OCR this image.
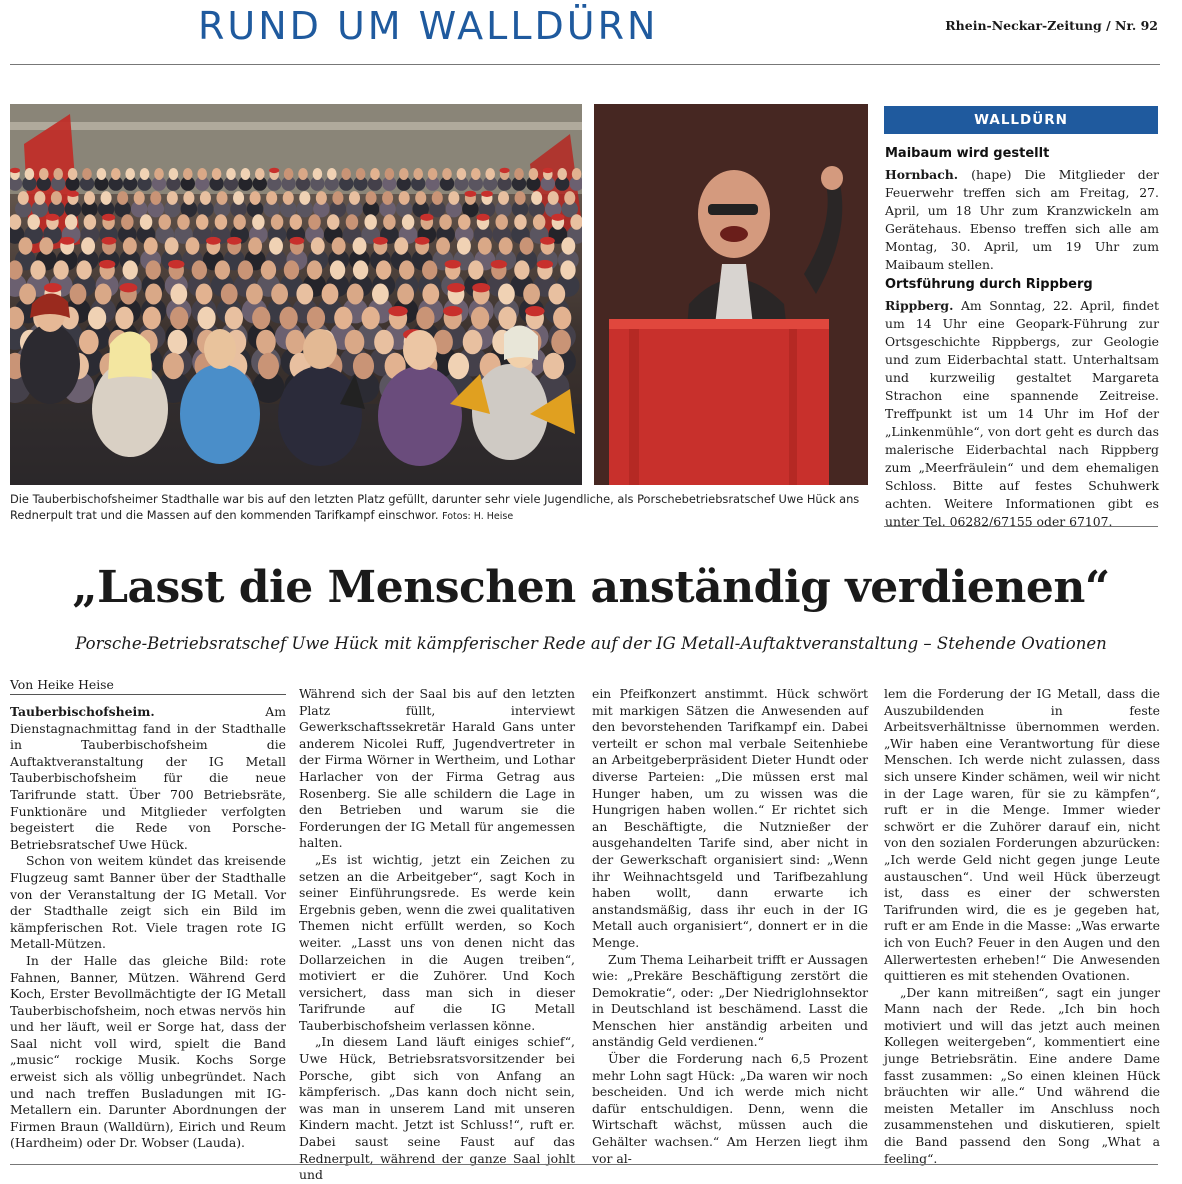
RUND UM WALLDÜRN	Rhein-Neckar-Zeitung / Nr. 92
Die Tauberbischofsheimer Stadthalle war bis auf den letzten Platz gefüllt, darunter sehr viele Jugendliche, als Porschebetriebsratschef Uwe Hück ans Rednerpult trat und die Massen auf den kommenden Tarifkampf einschwor. Fotos: H. Heise
WALLDÜRN
Maibaum wird gestellt

Hornbach. (hape) Die Mitglieder der Feuerwehr treffen sich am Freitag, 27. April, um 18 Uhr zum Kranzwickeln am Gerätehaus. Ebenso treffen sich alle am Montag, 30. April, um 19 Uhr zum Maibaum stellen.

Ortsführung durch Rippberg

Rippberg. Am Sonntag, 22. April, findet um 14 Uhr eine Geopark-Führung zur Ortsgeschichte Rippbergs, zur Geologie und zum Eiderbachtal statt. Unterhaltsam und kurzweilig gestaltet Margareta Strachon eine spannende Zeitreise. Treffpunkt ist um 14 Uhr im Hof der „Linkenmühle“, von dort geht es durch das malerische Eiderbachtal nach Rippberg zum „Meerfräulein“ und dem ehemaligen Schloss. Bitte auf festes Schuhwerk achten. Weitere Informationen gibt es unter Tel. 06282/67155 oder 67107.

„Lasst die Menschen anständig verdienen“
Porsche-Betriebsratschef Uwe Hück mit kämpferischer Rede auf der IG Metall-Auftaktveranstaltung – Stehende Ovationen
Von Heike Heise

Tauberbischofsheim.	Am Dienstagnachmittag fand in der Stadthalle in Tauberbischofsheim die Auftaktveranstaltung der IG Metall Tauberbischofsheim für die neue Tarifrunde statt. Über 700 Betriebsräte, Funktionäre und Mitglieder verfolgten begeistert die Rede von Porsche-Betriebsratschef Uwe Hück.

Schon von weitem kündet das kreisende Flugzeug samt Banner über der Stadthalle von der Veranstaltung der IG Metall. Vor der Stadthalle zeigt sich ein Bild im kämpferischen Rot. Viele tragen rote IG Metall-Mützen.

In der Halle das gleiche Bild: rote Fahnen, Banner, Mützen. Während Gerd Koch, Erster Bevollmächtigte der IG Metall Tauberbischofsheim, noch etwas nervös hin und her läuft, weil er Sorge hat, dass der Saal nicht voll wird, spielt die Band „music“ rockige Musik. Kochs Sorge erweist sich als völlig unbegründet. Nach und nach treffen Busladungen mit IG-Metallern ein. Darunter Abordnungen der Firmen Braun (Walldürn), Eirich und Reum (Hardheim) oder Dr. Wobser (Lauda).

Während sich der Saal bis auf den letzten Platz füllt, interviewt Gewerkschaftssekretär Harald Gans unter anderem Nicolei Ruff, Jugendvertreter in der Firma Wörner in Wertheim, und Lothar Harlacher von der Firma Getrag aus Rosenberg. Sie alle schildern die Lage in den Betrieben und warum sie die Forderungen der IG Metall für angemessen halten.

„Es ist wichtig, jetzt ein Zeichen zu setzen an die Arbeitgeber“, sagt Koch in seiner Einführungsrede. Es werde kein Ergebnis geben, wenn die zwei qualitativen Themen nicht erfüllt werden, so Koch weiter. „Lasst uns von denen nicht das Dollarzeichen in die Augen treiben“, motiviert er die Zuhörer. Und Koch versichert, dass man sich in dieser Tarifrunde auf die IG Metall Tauberbischofsheim verlassen könne.

„In diesem Land läuft einiges schief“, Uwe Hück, Betriebsratsvorsitzender bei Porsche, gibt sich von Anfang an kämpferisch. „Das kann doch nicht sein, was man in unserem Land mit unseren Kindern macht. Jetzt ist Schluss!“, ruft er. Dabei saust seine Faust auf das Rednerpult, während der ganze Saal johlt und

ein Pfeifkonzert anstimmt. Hück schwört mit markigen Sätzen die Anwesenden auf den bevorstehenden Tarifkampf ein. Dabei verteilt er schon mal verbale Seitenhiebe an Arbeitgeberpräsident Dieter Hundt oder diverse Parteien: „Die müssen erst mal Hunger haben, um zu wissen was die Hungrigen haben wollen.“ Er richtet sich an Beschäftigte, die Nutznießer der ausgehandelten Tarife sind, aber nicht in der Gewerkschaft organisiert sind: „Wenn ihr Weihnachtsgeld und Tarifbezahlung haben wollt, dann erwarte ich anstandsmäßig, dass ihr euch in der IG Metall auch organisiert“, donnert er in die Menge.

Zum Thema Leiharbeit trifft er Aussagen wie: „Prekäre Beschäftigung zerstört die Demokratie“, oder: „Der Niedriglohnsektor in Deutschland ist beschämend. Lasst die Menschen hier anständig arbeiten und anständig Geld verdienen.“

Über die Forderung nach 6,5 Prozent mehr Lohn sagt Hück: „Da waren wir noch bescheiden. Und ich werde mich nicht dafür entschuldigen. Denn, wenn die Wirtschaft wächst, müssen auch die Gehälter wachsen.“ Am Herzen liegt ihm vor al-

lem die Forderung der IG Metall, dass die Auszubildenden in feste Arbeitsverhältnisse übernommen werden. „Wir haben eine Verantwortung für diese Menschen. Ich werde nicht zulassen, dass sich unsere Kinder schämen, weil wir nicht in der Lage waren, für sie zu kämpfen“, ruft er in die Menge. Immer wieder schwört er die Zuhörer darauf ein, nicht von den sozialen Forderungen abzurücken: „Ich werde Geld nicht gegen junge Leute austauschen“. Und weil Hück überzeugt ist, dass es einer der schwersten Tarifrunden wird, die es je gegeben hat, ruft er am Ende in die Masse: „Was erwarte ich von Euch? Feuer in den Augen und den Allerwertesten erheben!“ Die Anwesenden quittieren es mit stehenden Ovationen.

„Der kann mitreißen“, sagt ein junger Mann nach der Rede. „Ich bin hoch motiviert und will das jetzt auch meinen Kollegen weitergeben“, kommentiert eine junge Betriebsrätin. Eine andere Dame fasst zusammen: „So einen kleinen Hück bräuchten wir alle.“ Und während die meisten Metaller im Anschluss noch zusammenstehen und diskutieren, spielt die Band passend den Song „What a feeling“.
